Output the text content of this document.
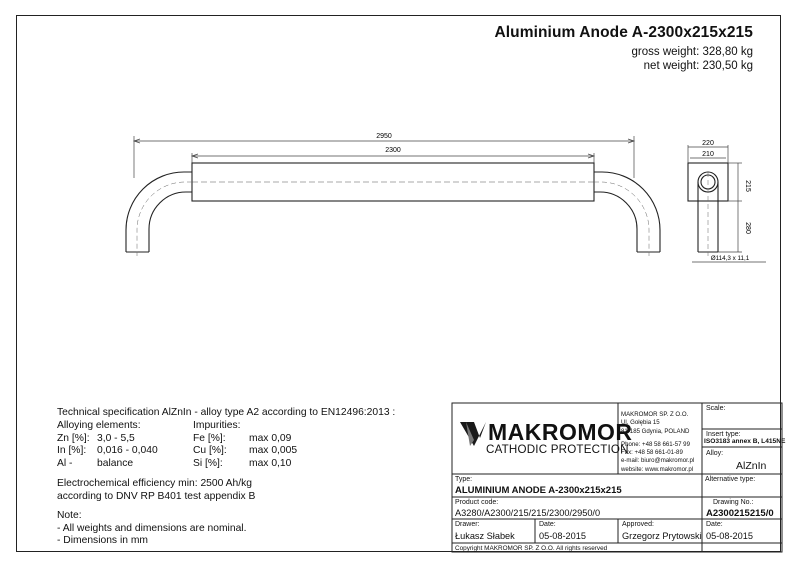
Aluminium Anode A-2300x215x215
gross weight: 328,80 kg
net weight: 230,50 kg
2950
2300
220
210
215
280
Ø114,3 x 11,1
Technical specification AlZnIn - alloy type A2 according to EN12496:2013 :
Alloying elements:	Impurities:
Zn [%]: 3,0 - 5,5	Fe [%]: max 0,09
In [%]: 0,016 - 0,040	Cu [%]: max 0,005
Al - balance	Si [%]:	max 0,10
Electrochemical efficiency min: 2500 Ah/kg
according to DNV RP B401 test appendix B
Note:
- All weights and dimensions are nominal.
- Dimensions in mm
MAKROMOR
CATHODIC PROTECTION
MAKROMOR SP. Z O.O.
Ul. Gołębia 15
81-185 Gdynia, POLAND
Phone: +48 58 661-57 99
Fax: +48 58 661-01-89
e-mail: biuro@makromor.pl
website: www.makromor.pl
Scale:
Insert type:
ISO3183 annex B, L415NE
Alloy:
AlZnIn
Type:
ALUMINIUM ANODE A-2300x215x215
Alternative type:
Product code:
A3280/A2300/215/215/2300/2950/0
Drawing No.:
A2300215215/0
Drawer:
Łukasz Słabek
Date:
05-08-2015
Approved:
Grzegorz Prytowski
Date:
05-08-2015
Copyright MAKROMOR SP. Z O.O. All rights reserved
